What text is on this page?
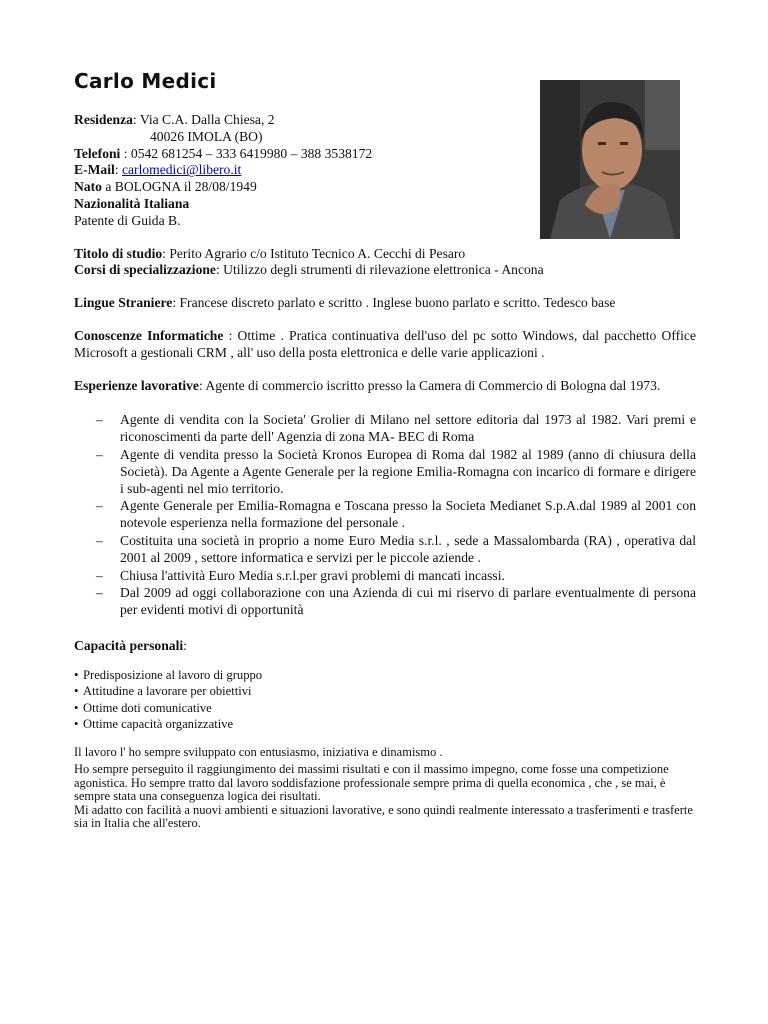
Carlo Medici

Residenza: Via C.A. Dalla Chiesa, 2

40026 IMOLA (BO)

Telefoni : 0542 681254 – 333 6419980 – 388 3538172

E-Mail: carlomedici@libero.it

Nato a BOLOGNA il 28/08/1949

Nazionalità Italiana

Patente di Guida B.

Titolo di studio: Perito Agrario c/o Istituto Tecnico A. Cecchi di Pesaro

Corsi di specializzazione: Utilizzo degli strumenti di rilevazione elettronica - Ancona

Lingue Straniere: Francese discreto parlato e scritto . Inglese buono parlato e scritto. Tedesco base

Conoscenze Informatiche : Ottime . Pratica continuativa dell'uso del pc sotto Windows, dal pacchetto Office Microsoft a gestionali CRM , all' uso della posta elettronica e delle varie applicazioni .

Esperienze lavorative: Agente di commercio iscritto presso la Camera di Commercio di Bologna dal 1973.

– Agente di vendita con la Societa' Grolier di Milano nel settore editoria dal 1973 al 1982. Vari premi e riconoscimenti da parte dell' Agenzia di zona MA- BEC di Roma
– Agente di vendita presso la Società Kronos Europea di Roma dal 1982 al 1989 (anno di chiusura della Società). Da Agente a Agente Generale per la regione Emilia-Romagna con incarico di formare e dirigere i sub-agenti nel mio territorio.
– Agente Generale per Emilia-Romagna e Toscana presso la Societa Medianet S.p.A.dal 1989 al 2001 con notevole esperienza nella formazione del personale .
– Costituita una società in proprio a nome Euro Media s.r.l. , sede a Massalombarda (RA) , operativa dal 2001 al 2009 , settore informatica e servizi per le piccole aziende .
– Chiusa l'attività Euro Media s.r.l.per gravi problemi di mancati incassi.
– Dal 2009 ad oggi collaborazione con una Azienda di cui mi riservo di parlare eventualmente di persona per evidenti motivi di opportunità

Capacità personali:

• Predisposizione al lavoro di gruppo
• Attitudine a lavorare per obiettivi
• Ottime doti comunicative
• Ottime capacità organizzative

Il lavoro l' ho sempre sviluppato con entusiasmo, iniziativa e dinamismo .

Ho sempre perseguito il raggiungimento dei massimi risultati e con il massimo impegno, come fosse una competizione agonistica. Ho sempre tratto dal lavoro soddisfazione professionale sempre prima di quella economica , che , se mai, è sempre stata una conseguenza logica dei risultati.

Mi adatto con facilità a nuovi ambienti e situazioni lavorative, e sono quindi realmente interessato a trasferimenti e trasferte sia in Italia che all'estero.
